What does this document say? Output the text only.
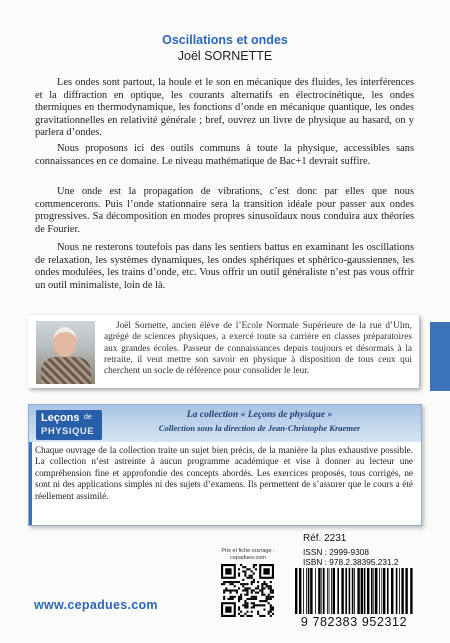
Oscillations et ondes
Joël SORNETTE

Les ondes sont partout, la houle et le son en mécanique des fluides, les interférences et la diffraction en optique, les courants alternatifs en électrocinétique, les ondes thermiques en thermodynamique, les fonctions d’onde en mécanique quantique, les ondes gravitationnelles en relativité générale ; bref, ouvrez un livre de physique au hasard, on y parlera d’ondes.

Nous proposons ici des outils communs à toute la physique, accessibles sans connaissances en ce domaine. Le niveau mathématique de Bac+1 devrait suffire.

Une onde est la propagation de vibrations, c’est donc par elles que nous commencerons. Puis l’onde stationnaire sera la transition idéale pour passer aux ondes progressives. Sa décomposition en modes propres sinusoïdaux nous conduira aux théories de Fourier.

Nous ne resterons toutefois pas dans les sentiers battus en examinant les oscillations de relaxation, les systèmes dynamiques, les ondes sphériques et sphérico-gaussiennes, les ondes modulées, les trains d’onde, etc. Vous offrir un outil généraliste n’est pas vous offrir un outil minimaliste, loin de là.

Joël Sornette, ancien élève de l’Ecole Normale Supérieure de la rue d’Ulm, agrégé de sciences physiques, a exercé toute sa carrière en classes préparatoires aux grandes écoles. Passeur de connaissances depuis toujours et désormais à la retraite, il veut mettre son savoir en physique à disposition de tous ceux qui cherchent un socle de référence pour consolider le leur.

Leçons de
PHYSIQUE
La collection « Leçons de physique »
Collection sous la direction de Jean-Christophe Kraemer

Chaque ouvrage de la collection traite un sujet bien précis, de la manière la plus exhaustive possible. La collection n’est astreinte à aucun programme académique et vise à donner au lecteur une compréhension fine et approfondie des concepts abordés. Les exercices proposés, tous corrigés, ne sont ni des applications simples ni des sujets d’examens. Ils permettent de s’assurer que le cours a été réellement assimilé.

Prix et fiche ouvrage :
cepadues.com
Réf. 2231
ISSN : 2999-9308
ISBN : 978.2.38395.231.2
9 782383 952312
www.cepadues.com
